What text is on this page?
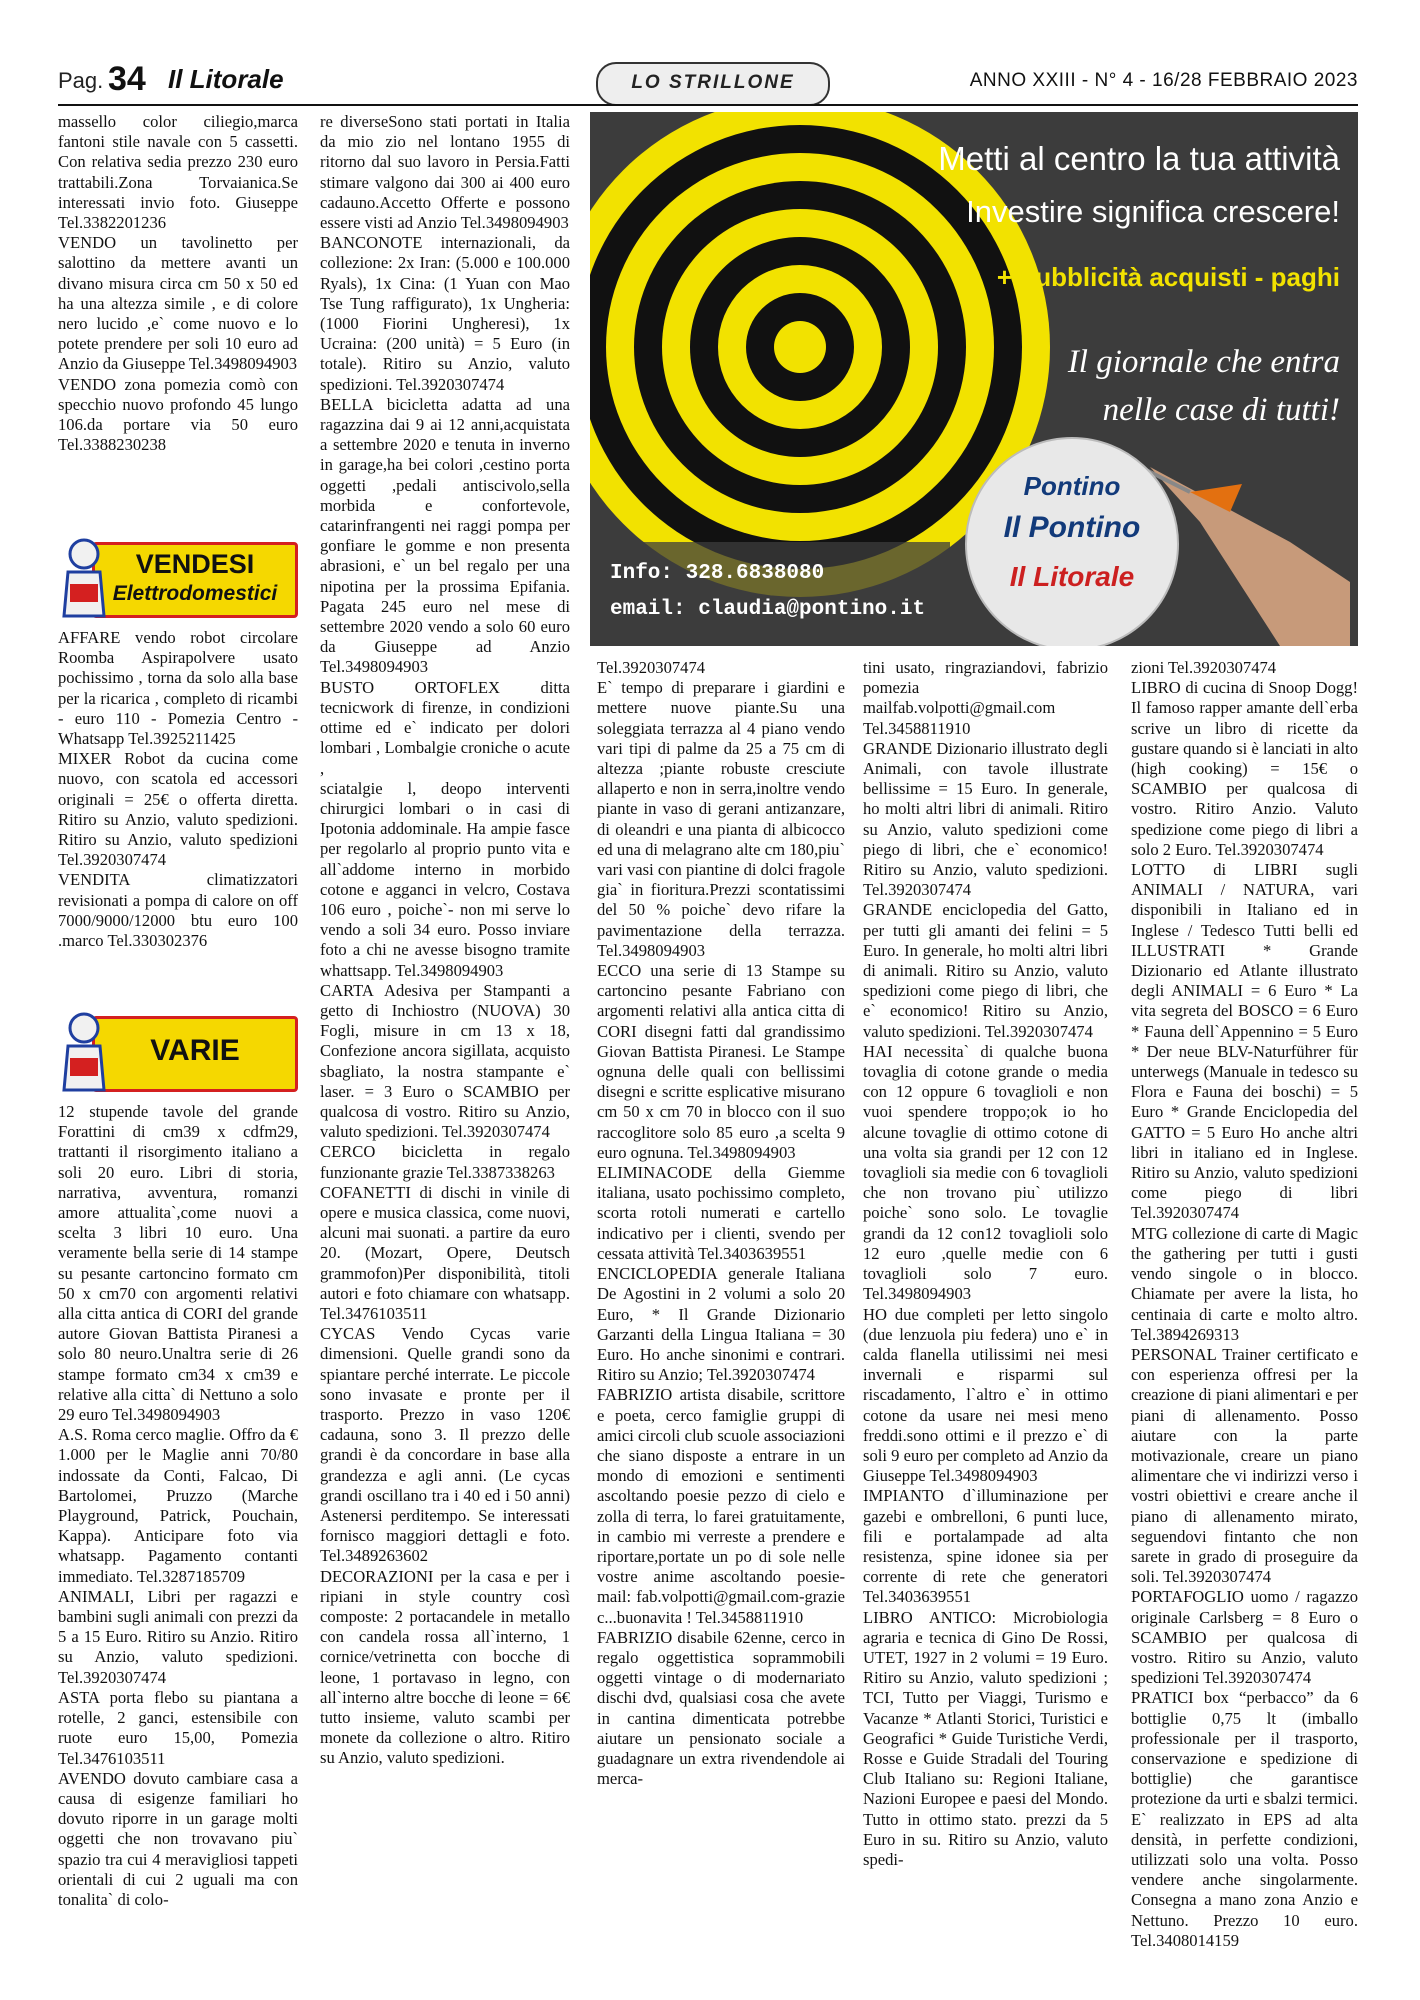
Pag. 34 Il Litorale	LO STRILLONE	ANNO XXIII - N° 4 - 16/28 FEBBRAIO 2023

massello color ciliegio,marca fantoni stile navale con 5 cassetti. Con relativa sedia prezzo 230 euro trattabili.Zona Torvaianica.Se interessati invio foto. Giuseppe Tel.3382201236

VENDO un tavolinetto per salottino da mettere avanti un divano misura circa cm 50 x 50 ed ha una altezza simile , e di colore nero lucido ,e` come nuovo e lo potete prendere per soli 10 euro ad Anzio da Giuseppe Tel.3498094903

VENDO zona pomezia comò con specchio nuovo profondo 45 lungo 106.da portare via 50 euro Tel.3388230238

VENDESI
Elettrodomestici

AFFARE vendo robot circolare Roomba Aspirapolvere usato pochissimo , torna da solo alla base per la ricarica , completo di ricambi - euro 110 - Pomezia Centro - Whatsapp Tel.3925211425

MIXER Robot da cucina come nuovo, con scatola ed accessori originali = 25€ o offerta diretta. Ritiro su Anzio, valuto spedizioni. Ritiro su Anzio, valuto spedizioni Tel.3920307474

VENDITA climatizzatori revisionati a pompa di calore on off 7000/9000/12000 btu euro 100 .marco Tel.330302376

VARIE

12 stupende tavole del grande Forattini di cm39 x cdfm29, trattanti il risorgimento italiano a soli 20 euro. Libri di storia, narrativa, avventura, romanzi amore attualita`,come nuovi a scelta 3 libri 10 euro. Una veramente bella serie di 14 stampe su pesante cartoncino formato cm 50 x cm70 con argomenti relativi alla citta antica di CORI del grande autore Giovan Battista Piranesi a solo 80 neuro.Unaltra serie di 26 stampe formato cm34 x cm39 e relative alla citta` di Nettuno a solo 29 euro Tel.3498094903

A.S. Roma cerco maglie. Offro da € 1.000 per le Maglie anni 70/80 indossate da Conti, Falcao, Di Bartolomei, Pruzzo (Marche Playground, Patrick, Pouchain, Kappa). Anticipare foto via whatsapp. Pagamento contanti immediato. Tel.3287185709

ANIMALI, Libri per ragazzi e bambini sugli animali con prezzi da 5 a 15 Euro. Ritiro su Anzio. Ritiro su Anzio, valuto spedizioni. Tel.3920307474

ASTA porta flebo su piantana a rotelle, 2 ganci, estensibile con ruote euro 15,00, Pomezia Tel.3476103511

AVENDO dovuto cambiare casa a causa di esigenze familiari ho dovuto riporre in un garage molti oggetti che non trovavano piu` spazio tra cui 4 meravigliosi tappeti orientali di cui 2 uguali ma con tonalita` di colo-

re diverseSono stati portati in Italia da mio zio nel lontano 1955 di ritorno dal suo lavoro in Persia.Fatti stimare valgono dai 300 ai 400 euro cadauno.Accetto Offerte e possono essere visti ad Anzio Tel.3498094903

BANCONOTE internazionali, da collezione: 2x Iran: (5.000 e 100.000 Ryals), 1x Cina: (1 Yuan con Mao Tse Tung raffigurato), 1x Ungheria: (1000 Fiorini Ungheresi), 1x Ucraina: (200 unità) = 5 Euro (in totale). Ritiro su Anzio, valuto spedizioni. Tel.3920307474

BELLA bicicletta adatta ad una ragazzina dai 9 ai 12 anni,acquistata a settembre 2020 e tenuta in inverno in garage,ha bei colori ,cestino porta oggetti ,pedali antiscivolo,sella morbida e confortevole, catarinfrangenti nei raggi pompa per gonfiare le gomme e non presenta abrasioni, e` un bel regalo per una nipotina per la prossima Epifania. Pagata 245 euro nel mese di settembre 2020 vendo a solo 60 euro da Giuseppe ad Anzio Tel.3498094903

BUSTO ORTOFLEX ditta tecnicwork di firenze, in condizioni ottime ed e` indicato per dolori lombari , Lombalgie croniche o acute ,

sciatalgie l, deopo interventi chirurgici lombari o in casi di Ipotonia addominale. Ha ampie fasce per regolarlo al proprio punto vita e all`addome interno in morbido cotone e agganci in velcro, Costava 106 euro , poiche`- non mi serve lo vendo a soli 34 euro. Posso inviare foto a chi ne avesse bisogno tramite whattsapp. Tel.3498094903

CARTA Adesiva per Stampanti a getto di Inchiostro (NUOVA) 30 Fogli, misure in cm 13 x 18, Confezione ancora sigillata, acquisto sbagliato, la nostra stampante e` laser. = 3 Euro o SCAMBIO per qualcosa di vostro. Ritiro su Anzio, valuto spedizioni. Tel.3920307474

CERCO bicicletta in regalo funzionante grazie Tel.3387338263

COFANETTI di dischi in vinile di opere e musica classica, come nuovi, alcuni mai suonati. a partire da euro 20. (Mozart, Opere, Deutsch grammofon)Per disponibilità, titoli autori e foto chiamare con whatsapp. Tel.3476103511

CYCAS Vendo Cycas varie dimensioni. Quelle grandi sono da spiantare perché interrate. Le piccole sono invasate e pronte per il trasporto. Prezzo in vaso 120€ cadauna, sono 3. Il prezzo delle grandi è da concordare in base alla grandezza e agli anni. (Le cycas grandi oscillano tra i 40 ed i 50 anni) Astenersi perditempo. Se interessati fornisco maggiori dettagli e foto. Tel.3489263602

DECORAZIONI per la casa e per i ripiani in style country così composte: 2 portacandele in metallo con candela rossa all`interno, 1 cornice/vetrinetta con bocche di leone, 1 portavaso in legno, con all`interno altre bocche di leone = 6€ tutto insieme, valuto scambi per monete da collezione o altro. Ritiro su Anzio, valuto spedizioni.

Metti al centro la tua attività
Investire significa crescere!
+ pubblicità acquisti - paghi
Il giornale che entra
nelle case di tutti!
Pontino
Il Pontino
Il Litorale
Info: 328.6838080
email: claudia@pontino.it

Tel.3920307474

E` tempo di preparare i giardini e mettere nuove piante.Su una soleggiata terrazza al 4 piano vendo vari tipi di palme da 25 a 75 cm di altezza ;piante robuste cresciute allaperto e non in serra,inoltre vendo piante in vaso di gerani antizanzare, di oleandri e una pianta di albicocco ed una di melagrano alte cm 180,piu` vari vasi con piantine di dolci fragole gia` in fioritura.Prezzi scontatissimi del 50 % poiche` devo rifare la pavimentazione della terrazza. Tel.3498094903

ECCO una serie di 13 Stampe su cartoncino pesante Fabriano con argomenti relativi alla antica citta di CORI disegni fatti dal grandissimo Giovan Battista Piranesi. Le Stampe ognuna delle quali con bellissimi disegni e scritte esplicative misurano cm 50 x cm 70 in blocco con il suo raccoglitore solo 85 euro ,a scelta 9 euro ognuna. Tel.3498094903

ELIMINACODE della Giemme italiana, usato pochissimo completo, scorta rotoli numerati e cartello indicativo per i clienti, svendo per cessata attività Tel.3403639551

ENCICLOPEDIA generale Italiana De Agostini in 2 volumi a solo 20 Euro, * Il Grande Dizionario Garzanti della Lingua Italiana = 30 Euro. Ho anche sinonimi e contrari. Ritiro su Anzio; Tel.3920307474

FABRIZIO artista disabile, scrittore e poeta, cerco famiglie gruppi di amici circoli club scuole associazioni che siano disposte a entrare in un mondo di emozioni e sentimenti ascoltando poesie pezzo di cielo e zolla di terra, lo farei gratuitamente, in cambio mi verreste a prendere e riportare,portate un po di sole nelle vostre anime ascoltando poesie- mail: fab.volpotti@gmail.com-grazie c...buonavita ! Tel.3458811910

FABRIZIO disabile 62enne, cerco in regalo oggettistica soprammobili oggetti vintage o di modernariato dischi dvd, qualsiasi cosa che avete in cantina dimenticata potrebbe aiutare un pensionato sociale a guadagnare un extra rivendendole ai merca-

tini usato, ringraziandovi, fabrizio pomezia mailfab.volpotti@gmail.com Tel.3458811910

GRANDE Dizionario illustrato degli Animali, con tavole illustrate bellissime = 15 Euro. In generale, ho molti altri libri di animali. Ritiro su Anzio, valuto spedizioni come piego di libri, che e` economico! Ritiro su Anzio, valuto spedizioni. Tel.3920307474

GRANDE enciclopedia del Gatto, per tutti gli amanti dei felini = 5 Euro. In generale, ho molti altri libri di animali. Ritiro su Anzio, valuto spedizioni come piego di libri, che e` economico! Ritiro su Anzio, valuto spedizioni. Tel.3920307474

HAI necessita` di qualche buona tovaglia di cotone grande o media con 12 oppure 6 tovaglioli e non vuoi spendere troppo;ok io ho alcune tovaglie di ottimo cotone di una volta sia grandi per 12 con 12 tovaglioli sia medie con 6 tovaglioli che non trovano piu` utilizzo poiche` sono solo. Le tovaglie grandi da 12 con12 tovaglioli solo 12 euro ,quelle medie con 6 tovaglioli solo 7 euro. Tel.3498094903

HO due completi per letto singolo (due lenzuola piu federa) uno e` in calda flanella utilissimi nei mesi invernali e risparmi sul riscadamento, l`altro e` in ottimo cotone da usare nei mesi meno freddi.sono ottimi e il prezzo e` di soli 9 euro per completo ad Anzio da Giuseppe Tel.3498094903

IMPIANTO d`illuminazione per gazebi e ombrelloni, 6 punti luce, fili e portalampade ad alta resistenza, spine idonee sia per corrente di rete che generatori Tel.3403639551

LIBRO ANTICO: Microbiologia agraria e tecnica di Gino De Rossi, UTET, 1927 in 2 volumi = 19 Euro. Ritiro su Anzio, valuto spedizioni ; TCI, Tutto per Viaggi, Turismo e Vacanze * Atlanti Storici, Turistici e Geografici * Guide Turistiche Verdi, Rosse e Guide Stradali del Touring Club Italiano su: Regioni Italiane, Nazioni Europee e paesi del Mondo. Tutto in ottimo stato. prezzi da 5 Euro in su. Ritiro su Anzio, valuto spedi-

zioni Tel.3920307474

LIBRO di cucina di Snoop Dogg! Il famoso rapper amante dell`erba scrive un libro di ricette da gustare quando si è lanciati in alto (high cooking) = 15€ o SCAMBIO per qualcosa di vostro. Ritiro Anzio. Valuto spedizione come piego di libri a solo 2 Euro. Tel.3920307474

LOTTO di LIBRI sugli ANIMALI / NATURA, vari disponibili in Italiano ed in Inglese / Tedesco Tutti belli ed ILLUSTRATI * Grande Dizionario ed Atlante illustrato degli ANIMALI = 6 Euro * La vita segreta del BOSCO = 6 Euro * Fauna dell`Appennino = 5 Euro * Der neue BLV-Naturführer für unterwegs (Manuale in tedesco su Flora e Fauna dei boschi) = 5 Euro * Grande Enciclopedia del GATTO = 5 Euro Ho anche altri libri in italiano ed in Inglese. Ritiro su Anzio, valuto spedizioni come piego di libri Tel.3920307474

MTG collezione di carte di Magic the gathering per tutti i gusti vendo singole o in blocco. Chiamate per avere la lista, ho centinaia di carte e molto altro. Tel.3894269313

PERSONAL Trainer certificato e con esperienza offresi per la creazione di piani alimentari e per piani di allenamento. Posso aiutare con la parte motivazionale, creare un piano alimentare che vi indirizzi verso i vostri obiettivi e creare anche il piano di allenamento mirato, seguendovi fintanto che non sarete in grado di proseguire da soli. Tel.3920307474

PORTAFOGLIO uomo / ragazzo originale Carlsberg = 8 Euro o SCAMBIO per qualcosa di vostro. Ritiro su Anzio, valuto spedizioni Tel.3920307474

PRATICI box “perbacco” da 6 bottiglie 0,75 lt (imballo professionale per il trasporto, conservazione e spedizione di bottiglie) che garantisce protezione da urti e sbalzi termici. E` realizzato in EPS ad alta densità, in perfette condizioni, utilizzati solo una volta. Posso vendere anche singolarmente. Consegna a mano zona Anzio e Nettuno. Prezzo 10 euro. Tel.3408014159
